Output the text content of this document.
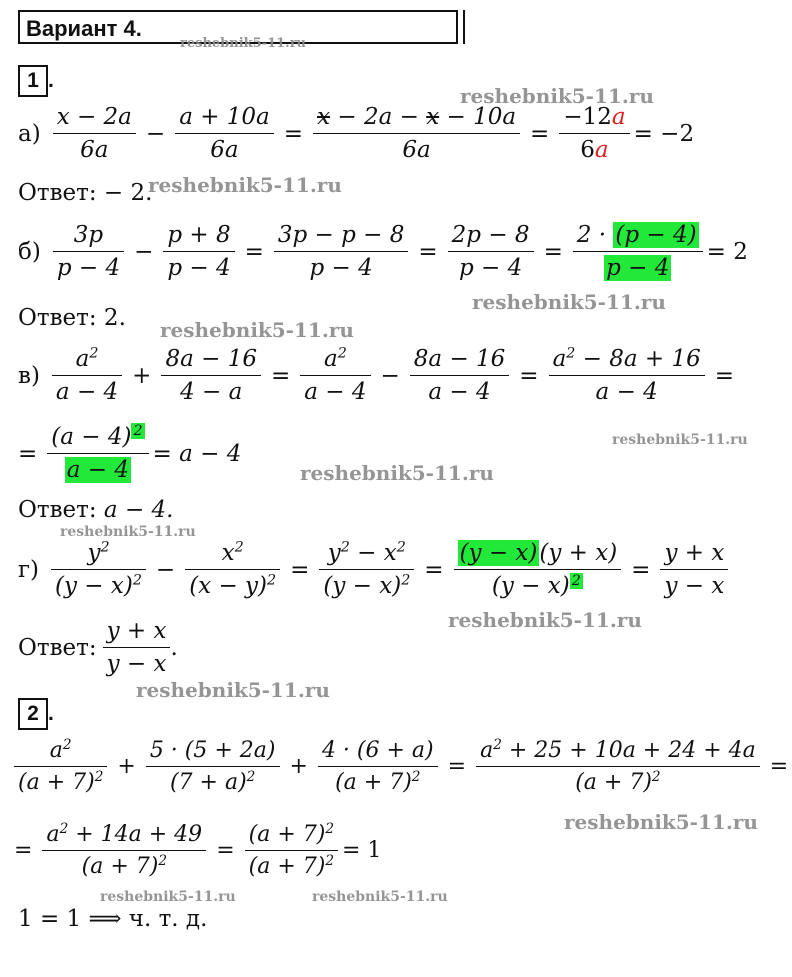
Вариант 4.
reshebnik5-11.ru
1 .
reshebnik5-11.ru
$а) \frac{x - 2a}{6a} - \frac{a + 10a}{6a} = \frac{x - 2a - x - 10a}{6a} = \frac{-12a}{6a} = -2$
Ответ: − 2.
reshebnik5-11.ru
$б) \frac{3p}{p - 4} - \frac{p + 8}{p - 4} = \frac{3p - p - 8}{p - 4} = \frac{2p - 8}{p - 4} = \frac{2 \cdot (p - 4)}{p - 4} = 2$
reshebnik5-11.ru
Ответ: 2. reshebnik5-11.ru
$в) \frac{a^2}{a - 4} + \frac{8a - 16}{4 - a} = \frac{a^2}{a - 4} - \frac{8a - 16}{a - 4} = \frac{a^2 - 8a + 16}{a - 4}$ =
= $\frac{(a - 4) ^2}{a - 4} = a - 4$
reshebnik5-11.ru
reshebnik5-11.ru
Ответ: a − 4.
reshebnik5-11.ru
$г) \frac{y^2}{(y - x)^2} - \frac{x^2}{(x - y)^2} = \frac{y^2 - x^2}{(y - x)^2} = \frac{(y - x)(y + x)}{(y - x) ^2} = \frac{y + x}{y - x}$
reshebnik5-11.ru
Ответ: $\frac{y + x}{y - x}$ .
reshebnik5-11.ru
2 .
$\frac{a^2}{(a + 7)^2} + \frac{5 \cdot (5 + 2a)}{(7 + a)^2} + \frac{4 \cdot (6 + a)}{(a + 7)^2} = \frac{a^2 + 25 + 10a + 24 + 4a}{(a + 7)^2}$ =
reshebnik5-11.ru
= $\frac{a^2 + 14a + 49}{(a + 7)^2} = \frac{(a + 7)^2}{(a + 7)^2} = 1$
reshebnik5-11.ru	reshebnik5-11.ru
1 = 1 ⟹ ч. т. д.
